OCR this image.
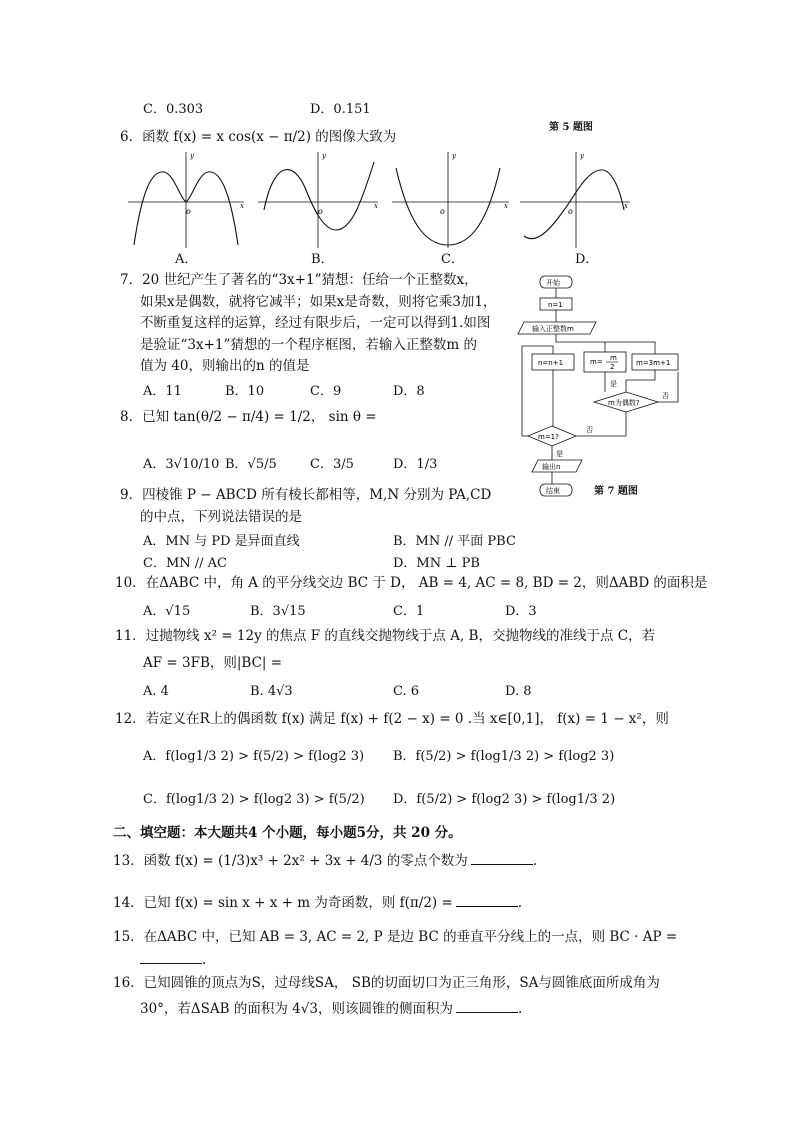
C．0.303	D．0.151
第 5 题图
6．函数 f(x) = x cos(x − π/2) 的图像大致为
o	o	o	o
y	y	y	y
x	x	x	x
A．	B．	C．	D．
7．20 世纪产生了著名的“3x+1”猜想：任给一个正整数x，
如果x是偶数，就将它减半；如果x是奇数，则将它乘3加1，
不断重复这样的运算，经过有限步后，一定可以得到1.如图
是验证“3x+1”猜想的一个程序框图，若输入正整数m 的
值为 40，则输出的n 的值是
A．11	B．10	C．9	D．8
开始
n=1
输入正整数m
n=n+1	m= m
2	m=3m+1
m为偶数?
是
否
m=1?
否
是
输出n
结束	第 7 题图
8．已知 tan(θ/2 − π/4) = 1/2， sin θ =
A．3√10/10 B．√5/5	C．3/5	D．1/3
9．四棱锥 P − ABCD 所有棱长都相等，M,N 分别为 PA,CD
的中点，下列说法错误的是
A．MN 与 PD 是异面直线	B．MN // 平面 PBC
C．MN // AC	D．MN ⊥ PB
10．在ΔABC 中，角 A 的平分线交边 BC 于 D， AB = 4, AC = 8, BD = 2，则ΔABD 的面积是
A．√15	B．3√15	C．1	D．3
11．过抛物线 x² = 12y 的焦点 F 的直线交抛物线于点 A, B，交抛物线的准线于点 C，若
AF = 3FB，则|BC| =
A. 4	B. 4√3	C. 6	D. 8
12．若定义在R上的偶函数 f(x) 满足 f(x) + f(2 − x) = 0 .当 x∈[0,1]， f(x) = 1 − x²，则
A．f(log1/3 2) > f(5/2) > f(log2 3) B．f(5/2) > f(log1/3 2) > f(log2 3)
C．f(log1/3 2) > f(log2 3) > f(5/2) D．f(5/2) > f(log2 3) > f(log1/3 2)
二、填空题：本大题共4 个小题，每小题5分，共 20 分。
13．函数 f(x) = (1/3)x³ + 2x² + 3x + 4/3 的零点个数为	.
14．已知 f(x) = sin x + x + m 为奇函数，则 f(π/2) =	.
15．在ΔABC 中，已知 AB = 3, AC = 2, P 是边 BC 的垂直平分线上的一点，则 BC · AP =
.
16．已知圆锥的顶点为S，过母线SA， SB的切面切口为正三角形，SA与圆锥底面所成角为
30°，若ΔSAB 的面积为 4√3，则该圆锥的侧面积为	.
